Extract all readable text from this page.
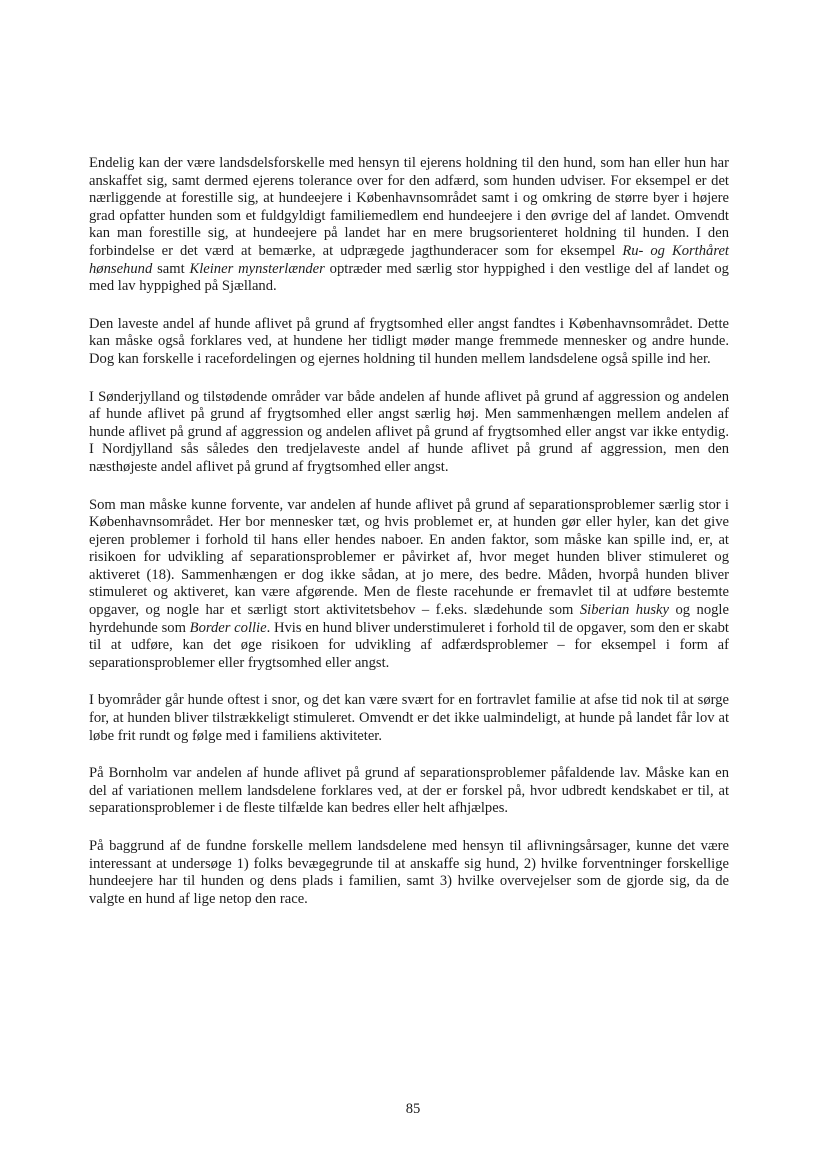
Endelig kan der være landsdelsforskelle med hensyn til ejerens holdning til den hund, som han eller hun har anskaffet sig, samt dermed ejerens tolerance over for den adfærd, som hunden udviser. For eksempel er det nærliggende at forestille sig, at hundeejere i Københavnsområdet samt i og omkring de større byer i højere grad opfatter hunden som et fuldgyldigt familiemedlem end hundeejere i den øvrige del af landet. Omvendt kan man forestille sig, at hundeejere på landet har en mere brugsorienteret holdning til hunden. I den forbindelse er det værd at bemærke, at udprægede jagthunderacer som for eksempel Ru- og Korthåret hønsehund samt Kleiner mynsterlænder optræder med særlig stor hyppighed i den vestlige del af landet og med lav hyppighed på Sjælland.

Den laveste andel af hunde aflivet på grund af frygtsomhed eller angst fandtes i Københavnsområdet. Dette kan måske også forklares ved, at hundene her tidligt møder mange fremmede mennesker og andre hunde. Dog kan forskelle i racefordelingen og ejernes holdning til hunden mellem landsdelene også spille ind her.

I Sønderjylland og tilstødende områder var både andelen af hunde aflivet på grund af aggression og andelen af hunde aflivet på grund af frygtsomhed eller angst særlig høj. Men sammenhængen mellem andelen af hunde aflivet på grund af aggression og andelen aflivet på grund af frygtsomhed eller angst var ikke entydig. I Nordjylland sås således den tredjelaveste andel af hunde aflivet på grund af aggression, men den næsthøjeste andel aflivet på grund af frygtsomhed eller angst.

Som man måske kunne forvente, var andelen af hunde aflivet på grund af separationsproblemer særlig stor i Københavnsområdet. Her bor mennesker tæt, og hvis problemet er, at hunden gør eller hyler, kan det give ejeren problemer i forhold til hans eller hendes naboer. En anden faktor, som måske kan spille ind, er, at risikoen for udvikling af separationsproblemer er påvirket af, hvor meget hunden bliver stimuleret og aktiveret (18). Sammenhængen er dog ikke sådan, at jo mere, des bedre. Måden, hvorpå hunden bliver stimuleret og aktiveret, kan være afgørende. Men de fleste racehunde er fremavlet til at udføre bestemte opgaver, og nogle har et særligt stort aktivitetsbehov – f.eks. slædehunde som Siberian husky og nogle hyrdehunde som Border collie. Hvis en hund bliver understimuleret i forhold til de opgaver, som den er skabt til at udføre, kan det øge risikoen for udvikling af adfærdsproblemer – for eksempel i form af separationsproblemer eller frygtsomhed eller angst.

I byområder går hunde oftest i snor, og det kan være svært for en fortravlet familie at afse tid nok til at sørge for, at hunden bliver tilstrækkeligt stimuleret. Omvendt er det ikke ualmindeligt, at hunde på landet får lov at løbe frit rundt og følge med i familiens aktiviteter.

På Bornholm var andelen af hunde aflivet på grund af separationsproblemer påfaldende lav. Måske kan en del af variationen mellem landsdelene forklares ved, at der er forskel på, hvor udbredt kendskabet er til, at separationsproblemer i de fleste tilfælde kan bedres eller helt afhjælpes.

På baggrund af de fundne forskelle mellem landsdelene med hensyn til aflivningsårsager, kunne det være interessant at undersøge 1) folks bevægegrunde til at anskaffe sig hund, 2) hvilke forventninger forskellige hundeejere har til hunden og dens plads i familien, samt 3) hvilke overvejelser som de gjorde sig, da de valgte en hund af lige netop den race.

85
